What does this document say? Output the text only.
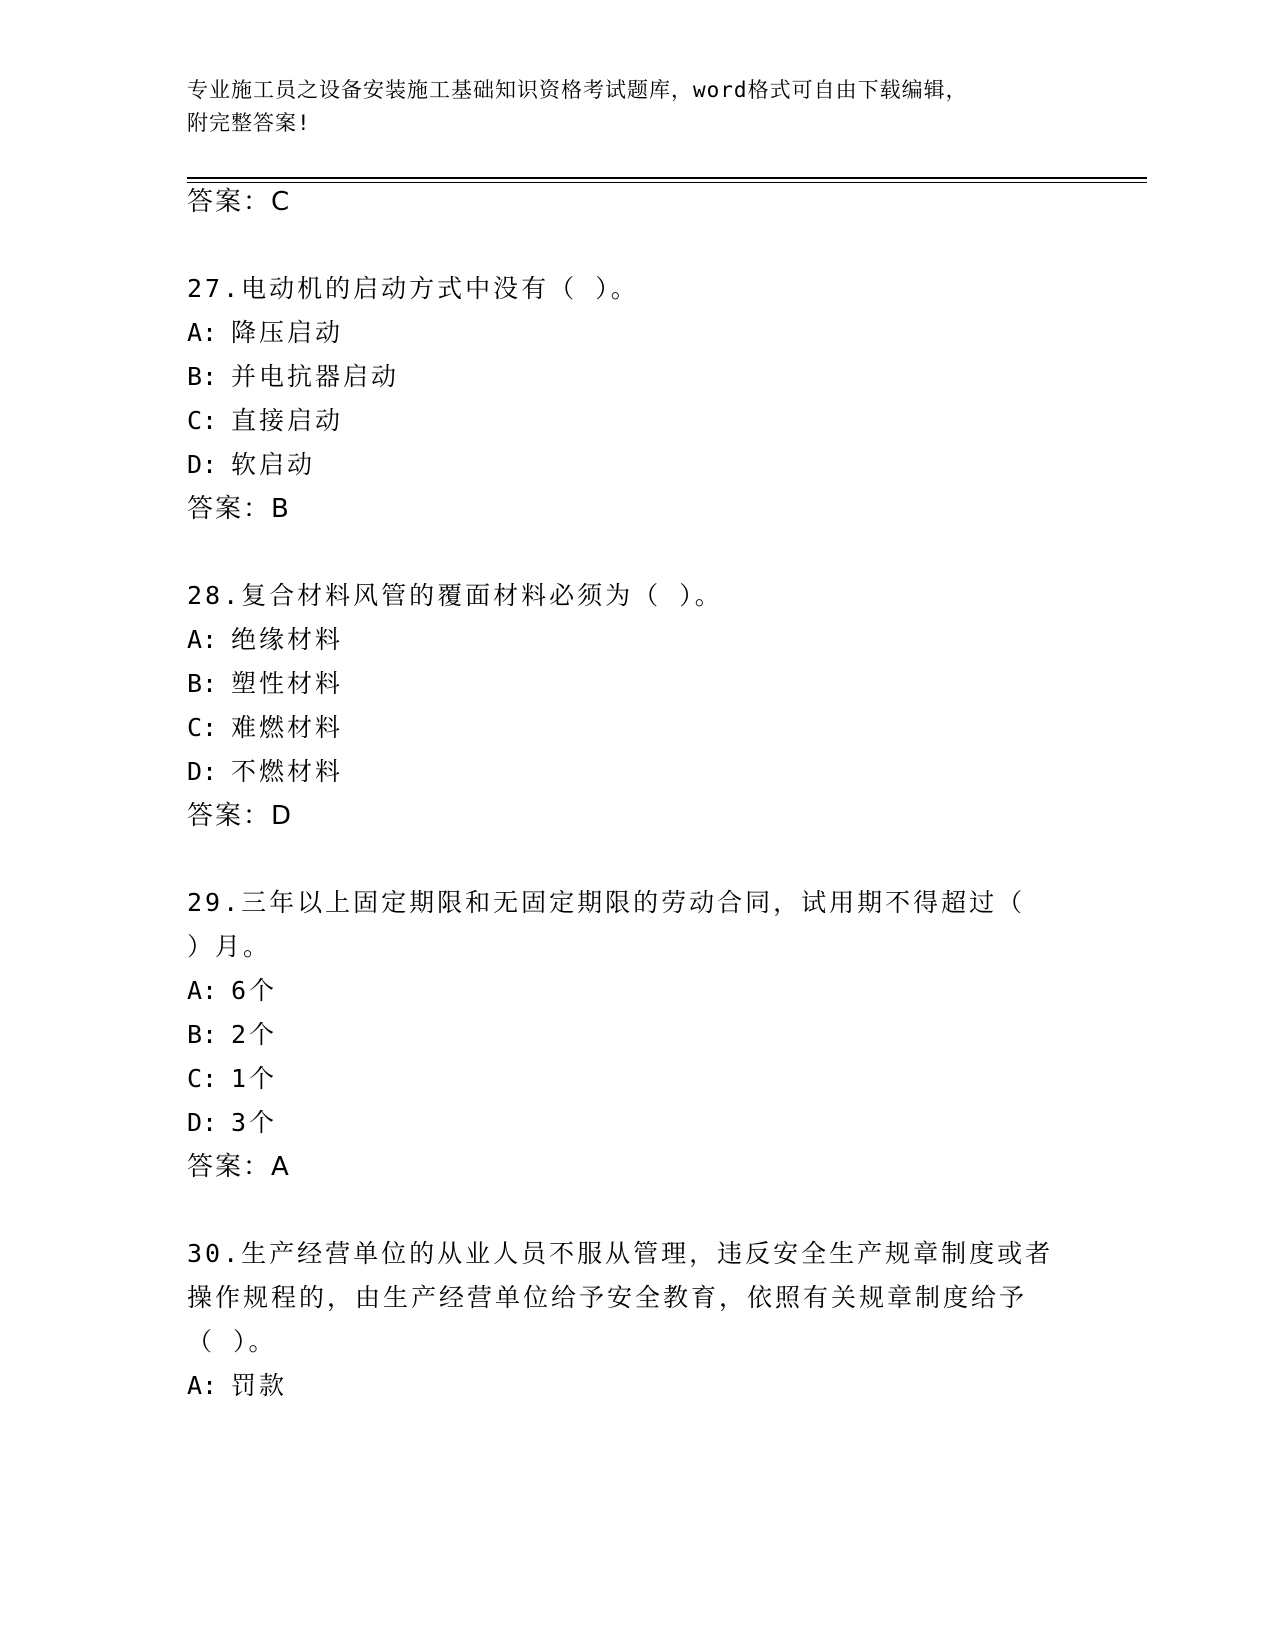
专业施工员之设备安装施工基础知识资格考试题库，word格式可自由下载编辑，
附完整答案!
答案：C
27.电动机的启动方式中没有（ ）。
A: 降压启动
B: 并电抗器启动
C: 直接启动
D: 软启动
答案：B
28.复合材料风管的覆面材料必须为（ ）。
A: 绝缘材料
B: 塑性材料
C: 难燃材料
D: 不燃材料
答案：D
29.三年以上固定期限和无固定期限的劳动合同，试用期不得超过（
）月。
A: 6个
B: 2个
C: 1个
D: 3个
答案：A
30.生产经营单位的从业人员不服从管理，违反安全生产规章制度或者
操作规程的，由生产经营单位给予安全教育，依照有关规章制度给予
（ ）。
A: 罚款
